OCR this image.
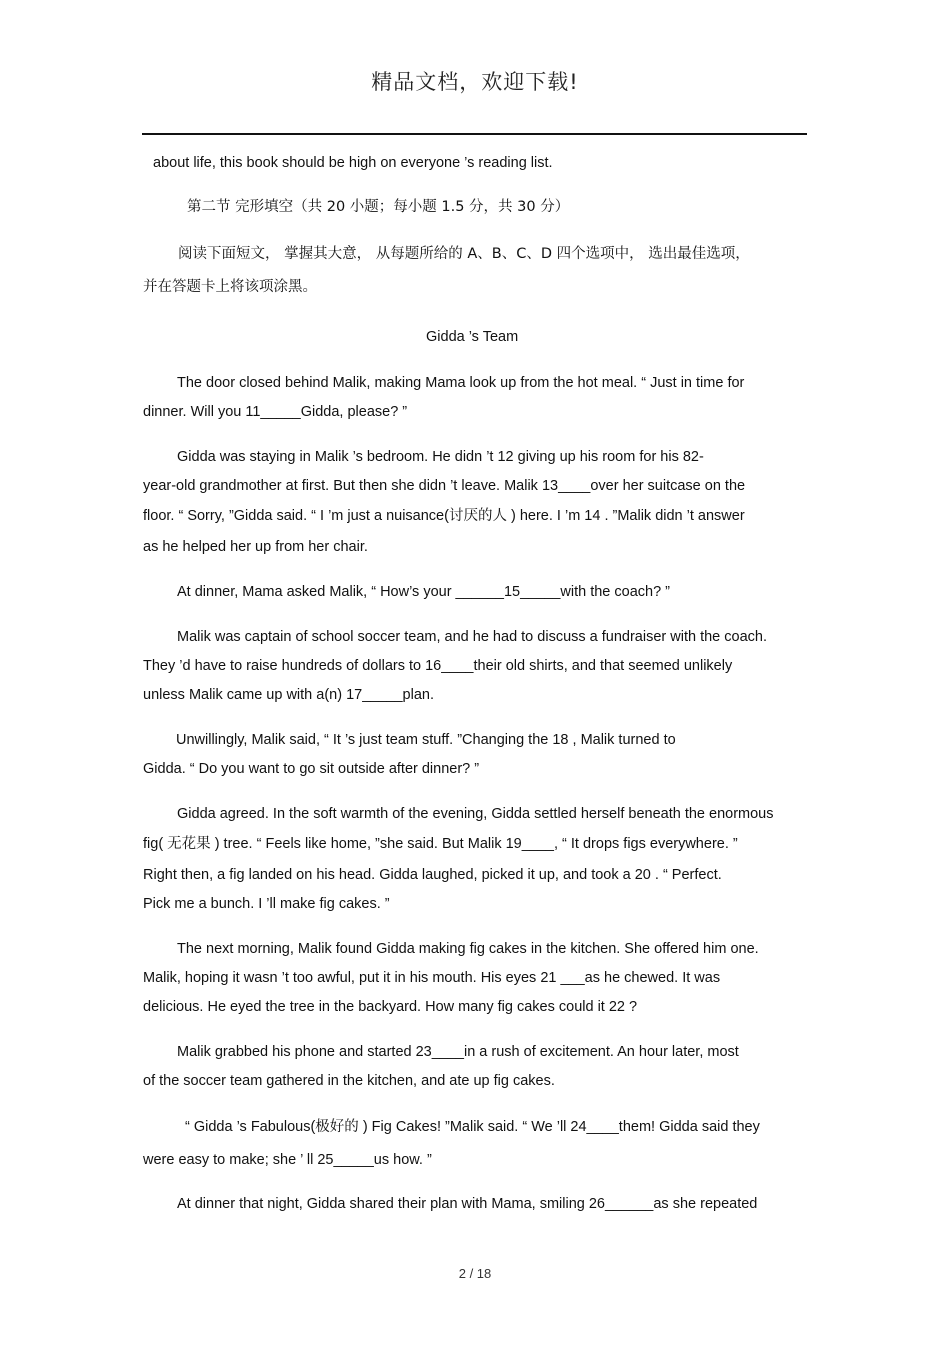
精品文档，欢迎下载!
about life, this book should be high on everyone ’s reading list.
第二节 完形填空（共 20 小题；每小题 1.5 分，共 30 分）
阅读下面短文， 掌握其大意， 从每题所给的 A、B、C、D 四个选项中， 选出最佳选项，
并在答题卡上将该项涂黑。
Gidda ’s Team
The door closed behind Malik, making Mama look up from the hot meal. “ Just in time for
dinner. Will you 11_____Gidda, please? ”
Gidda was staying in Malik ’s bedroom. He didn ’t 12 giving up his room for his 82-
year-old grandmother at first. But then she didn ’t leave. Malik 13____over her suitcase on the
floor. “ Sorry, ”Gidda said. “ I ’m just a nuisance(讨厌的人 ) here. I ’m 14 . ”Malik didn ’t answer
as he helped her up from her chair.
At dinner, Mama asked Malik, “ How’s your ______15_____with the coach? ”
Malik was captain of school soccer team, and he had to discuss a fundraiser with the coach.
They ’d have to raise hundreds of dollars to 16____their old shirts, and that seemed unlikely
unless Malik came up with a(n) 17_____plan.
Unwillingly, Malik said, “ It ’s just team stuff. ”Changing the 18 , Malik turned to
Gidda. “ Do you want to go sit outside after dinner? ”
Gidda agreed. In the soft warmth of the evening, Gidda settled herself beneath the enormous
fig( 无花果 ) tree. “ Feels like home, ”she said. But Malik 19____, “ It drops figs everywhere. ”
Right then, a fig landed on his head. Gidda laughed, picked it up, and took a 20 . “ Perfect.
Pick me a bunch. I ’ll make fig cakes. ”
The next morning, Malik found Gidda making fig cakes in the kitchen. She offered him one.
Malik, hoping it wasn ’t too awful, put it in his mouth. His eyes 21 ___as he chewed. It was
delicious. He eyed the tree in the backyard. How many fig cakes could it 22 ?
Malik grabbed his phone and started 23____in a rush of excitement. An hour later, most
of the soccer team gathered in the kitchen, and ate up fig cakes.
“ Gidda ’s Fabulous(极好的 ) Fig Cakes! ”Malik said. “ We ’ll 24____them! Gidda said they
were easy to make; she ’ ll 25_____us how. ”
At dinner that night, Gidda shared their plan with Mama, smiling 26______as she repeated
2 / 18
